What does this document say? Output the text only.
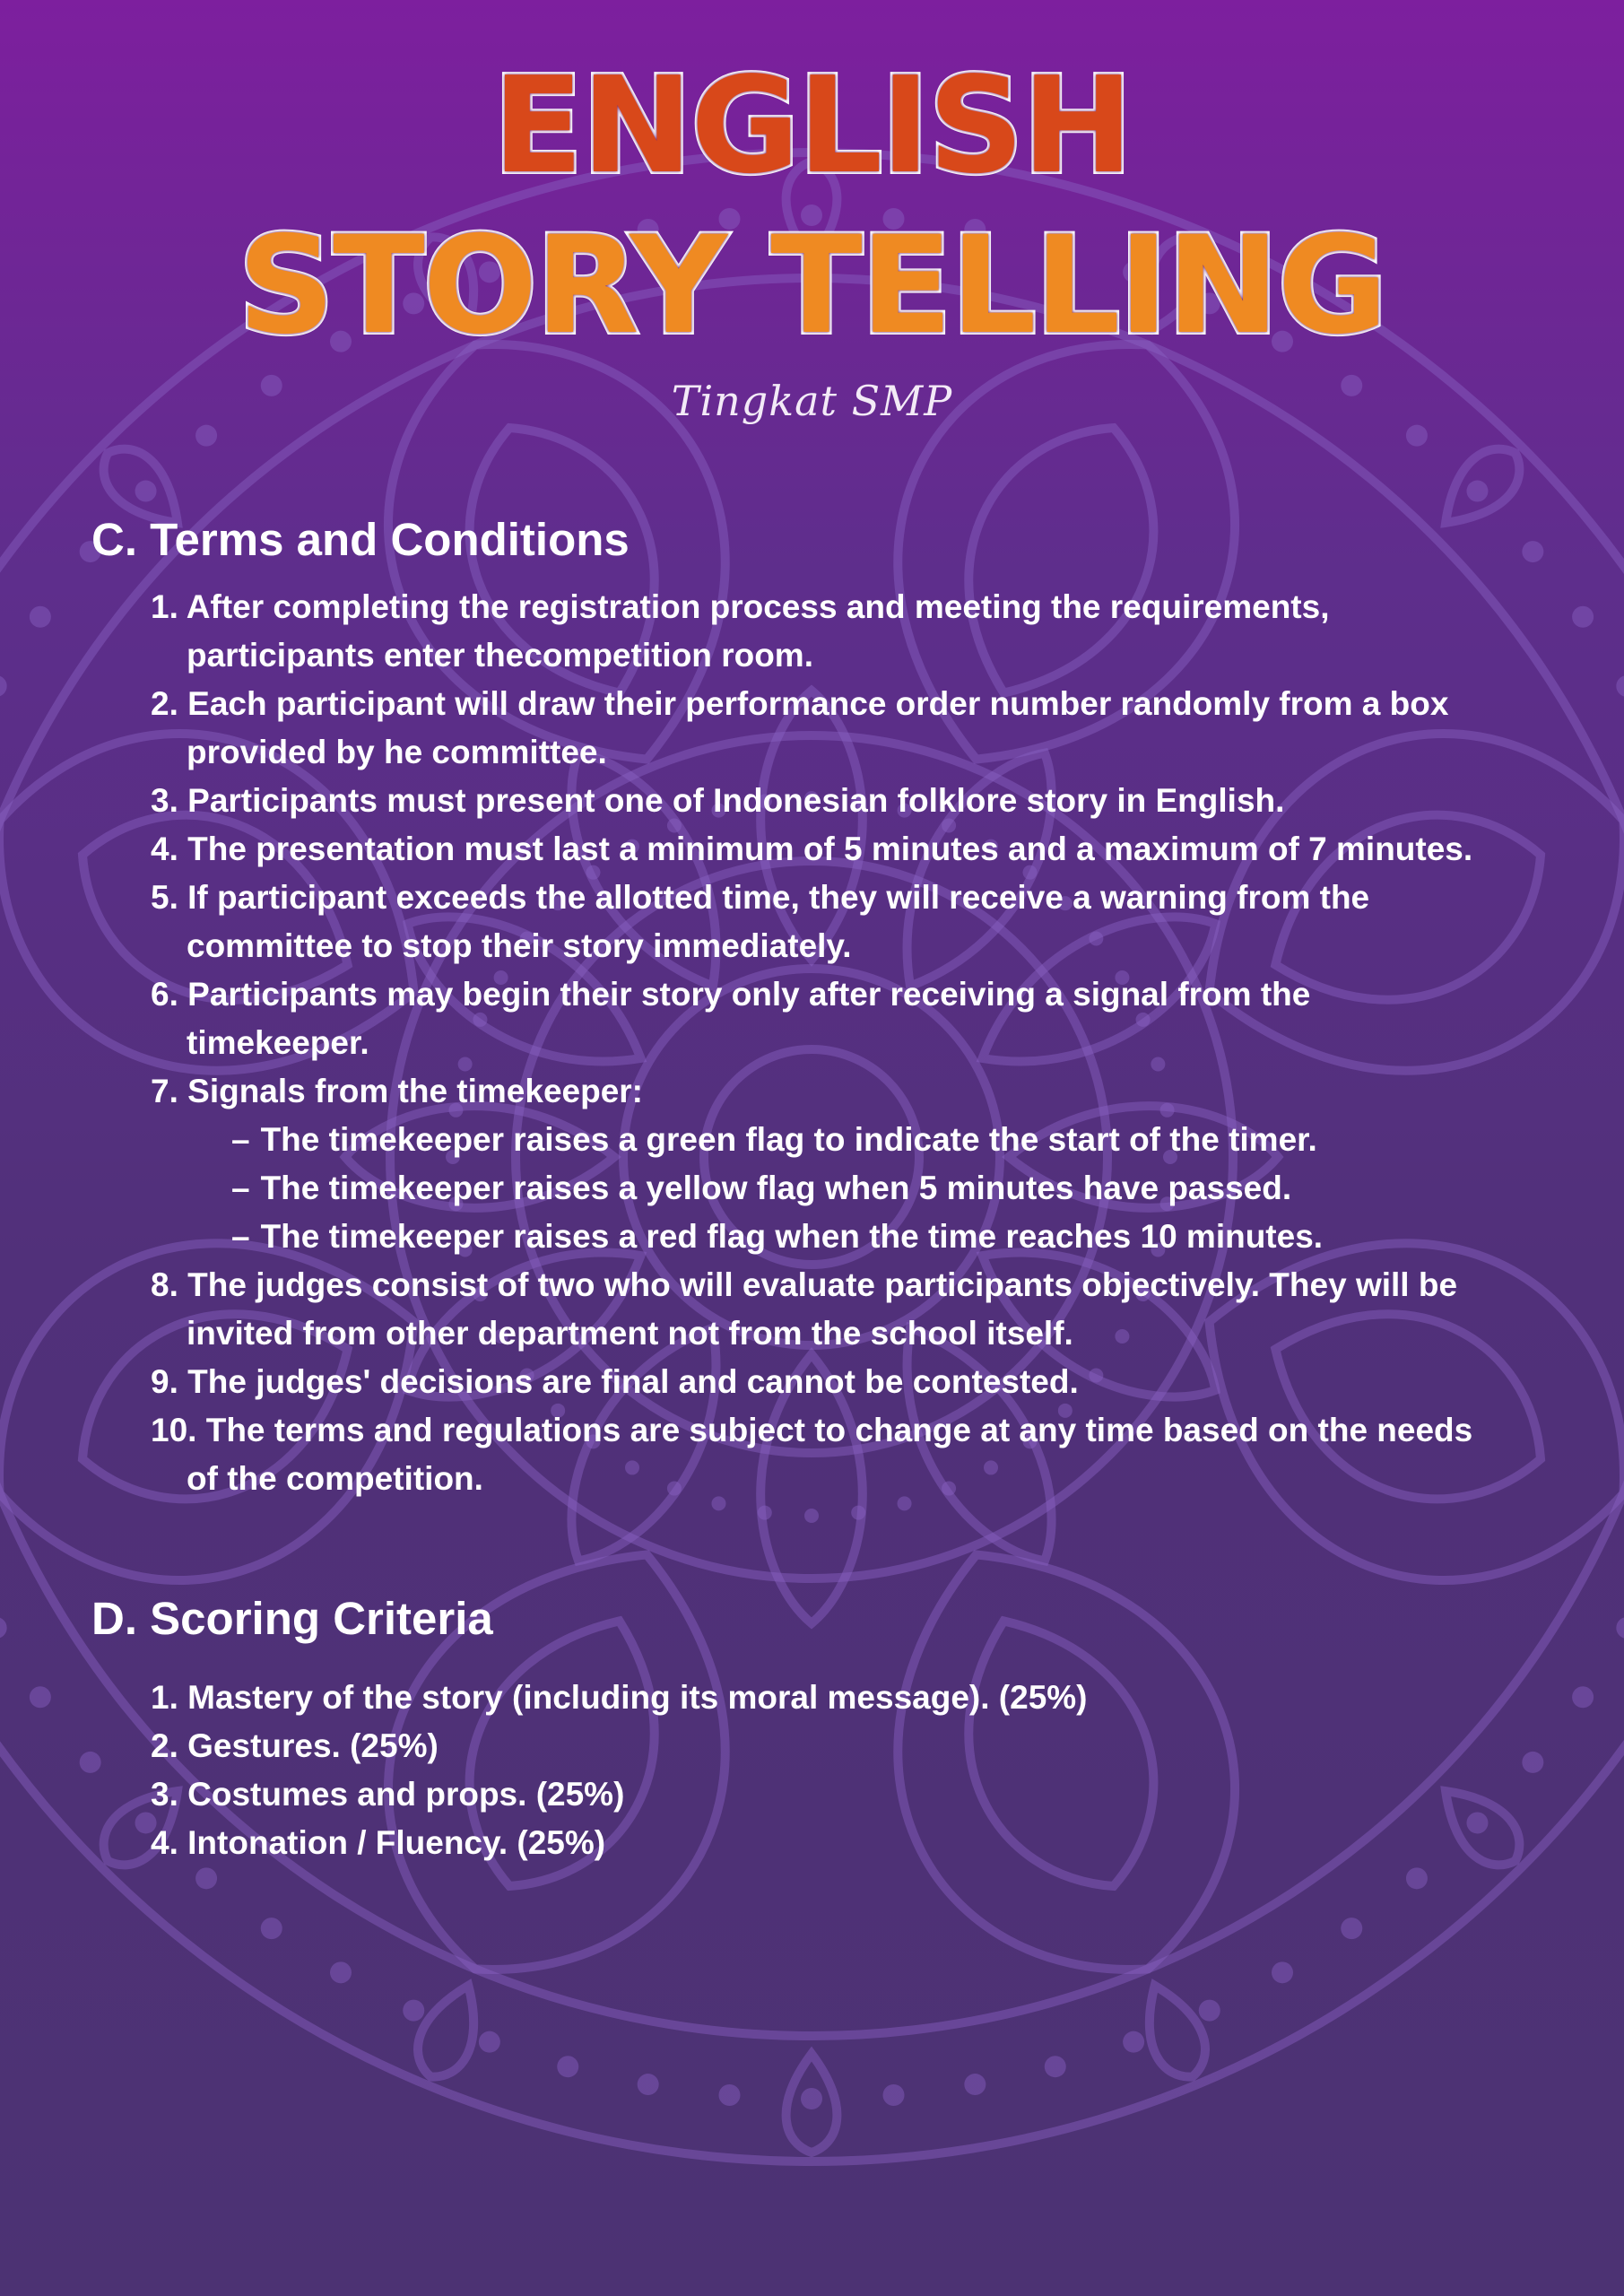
ENGLISH
STORY TELLING
Tingkat SMP
C. Terms and Conditions
1. After completing the registration process and meeting the requirements, participants enter thecompetition room.
2. Each participant will draw their performance order number randomly from a box provided by he committee.
3. Participants must present one of Indonesian folklore story in English.
4. The presentation must last a minimum of 5 minutes and a maximum of 7 minutes.
5. If participant exceeds the allotted time, they will receive a warning from the committee to stop their story immediately.
6. Participants may begin their story only after receiving a signal from the timekeeper.
7. Signals from the timekeeper:
– The timekeeper raises a green flag to indicate the start of the timer.
– The timekeeper raises a yellow flag when 5 minutes have passed.
– The timekeeper raises a red flag when the time reaches 10 minutes.
8. The judges consist of two who will evaluate participants objectively. They will be invited from other department not from the school itself.
9. The judges' decisions are final and cannot be contested.
10. The terms and regulations are subject to change at any time based on the needs of the competition.
D. Scoring Criteria
1. Mastery of the story (including its moral message). (25%)
2. Gestures. (25%)
3. Costumes and props. (25%)
4. Intonation / Fluency. (25%)
